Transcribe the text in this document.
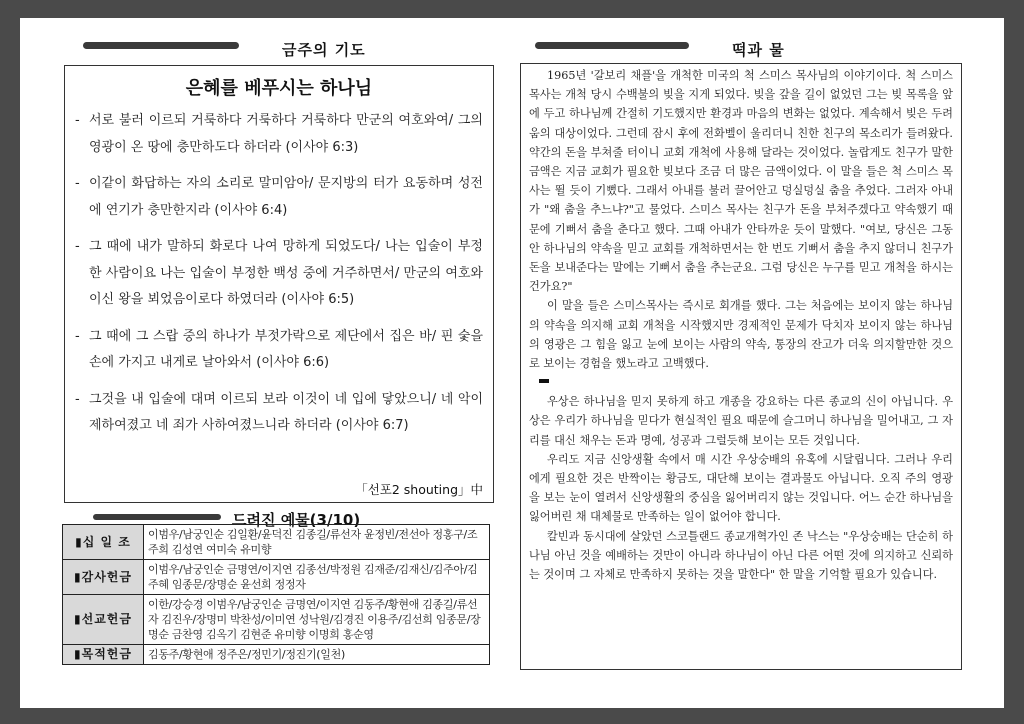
금주의 기도	떡과 물
은혜를 베푸시는 하나님
- 서로 불러 이르되 거룩하다 거룩하다 거룩하다 만군의 여호와여/ 그의 영광이 온 땅에 충만하도다 하더라 (이사야 6:3)
- 이같이 화답하는 자의 소리로 말미암아/ 문지방의 터가 요동하며 성전에 연기가 충만한지라 (이사야 6:4)
- 그 때에 내가 말하되 화로다 나여 망하게 되었도다/ 나는 입술이 부정한 사람이요 나는 입술이 부정한 백성 중에 거주하면서/ 만군의 여호와이신 왕을 뵈었음이로다 하였더라 (이사야 6:5)
- 그 때에 그 스랍 중의 하나가 부젓가락으로 제단에서 집은 바/ 핀 숯을 손에 가지고 내게로 날아와서 (이사야 6:6)
- 그것을 내 입술에 대며 이르되 보라 이것이 네 입에 닿았으니/ 네 악이 제하여졌고 네 죄가 사하여졌느니라 하더라 (이사야 6:7)
「선포2 shouting」中
드려진 예물(3/10)
▮십 일 조	이범우/남궁인순 김일환/윤덕진 김종길/류선자 윤정빈/전선아 정홍구/조주희 김성연 여미숙 유미향
▮감사헌금	이범우/남궁인순 금명연/이지연 김종선/박정원 김재준/김재신/김주아/김주혜 임종문/장명순 윤선희 정정자
▮선교헌금	이한/강승경 이범우/남궁인순 금명연/이지연 김동주/황현애 김종길/류선자 김진우/장명미 박찬성/이미연 성낙원/김경진 이용주/김선희 임종문/장명순 금찬영 김옥기 김현준 유미향 이명희 홍순영
▮목적헌금	김동주/황현애 정주은/정민기/정진기(일천)

1965년 '갈보리 채플'을 개척한 미국의 척 스미스 목사님의 이야기이다. 척 스미스 목사는 개척 당시 수백불의 빚을 지게 되었다. 빚을 갚을 길이 없었던 그는 빚 목록을 앞에 두고 하나님께 간절히 기도했지만 환경과 마음의 변화는 없었다. 계속해서 빚은 두려움의 대상이었다. 그런데 잠시 후에 전화벨이 울리더니 친한 친구의 목소리가 들려왔다. 약간의 돈을 부쳐줄 터이니 교회 개척에 사용해 달라는 것이었다. 놀랍게도 친구가 말한 금액은 지금 교회가 필요한 빚보다 조금 더 많은 금액이었다. 이 말을 들은 척 스미스 목사는 뛸 듯이 기뻤다. 그래서 아내를 불러 끌어안고 덩실덩실 춤을 추었다. 그러자 아내가 "왜 춤을 추느냐?"고 물었다. 스미스 목사는 친구가 돈을 부쳐주겠다고 약속했기 때문에 기뻐서 춤을 춘다고 했다. 그때 아내가 안타까운 듯이 말했다. "여보, 당신은 그동안 하나님의 약속을 믿고 교회를 개척하면서는 한 번도 기뻐서 춤을 추지 않더니 친구가 돈을 보내준다는 말에는 기뻐서 춤을 추는군요. 그럼 당신은 누구를 믿고 개척을 하시는 건가요?"

이 말을 들은 스미스목사는 즉시로 회개를 했다. 그는 처음에는 보이지 않는 하나님의 약속을 의지해 교회 개척을 시작했지만 경제적인 문제가 닥치자 보이지 않는 하나님의 영광은 그 힘을 잃고 눈에 보이는 사람의 약속, 통장의 잔고가 더욱 의지할만한 것으로 보이는 경험을 했노라고 고백했다.

우상은 하나님을 믿지 못하게 하고 개종을 강요하는 다른 종교의 신이 아닙니다. 우상은 우리가 하나님을 믿다가 현실적인 필요 때문에 슬그머니 하나님을 밀어내고, 그 자리를 대신 채우는 돈과 명예, 성공과 그럴듯해 보이는 모든 것입니다.

우리도 지금 신앙생활 속에서 매 시간 우상숭배의 유혹에 시달립니다. 그러나 우리에게 필요한 것은 반짝이는 황금도, 대단해 보이는 결과물도 아닙니다. 오직 주의 영광을 보는 눈이 열려서 신앙생활의 중심을 잃어버리지 않는 것입니다. 어느 순간 하나님을 잃어버린 채 대체물로 만족하는 일이 없어야 합니다.

칼빈과 동시대에 살았던 스코틀랜드 종교개혁가인 존 낙스는 "우상숭배는 단순히 하나님 아닌 것을 예배하는 것만이 아니라 하나님이 아닌 다른 어떤 것에 의지하고 신뢰하는 것이며 그 자체로 만족하지 못하는 것을 말한다" 한 말을 기억할 필요가 있습니다.
